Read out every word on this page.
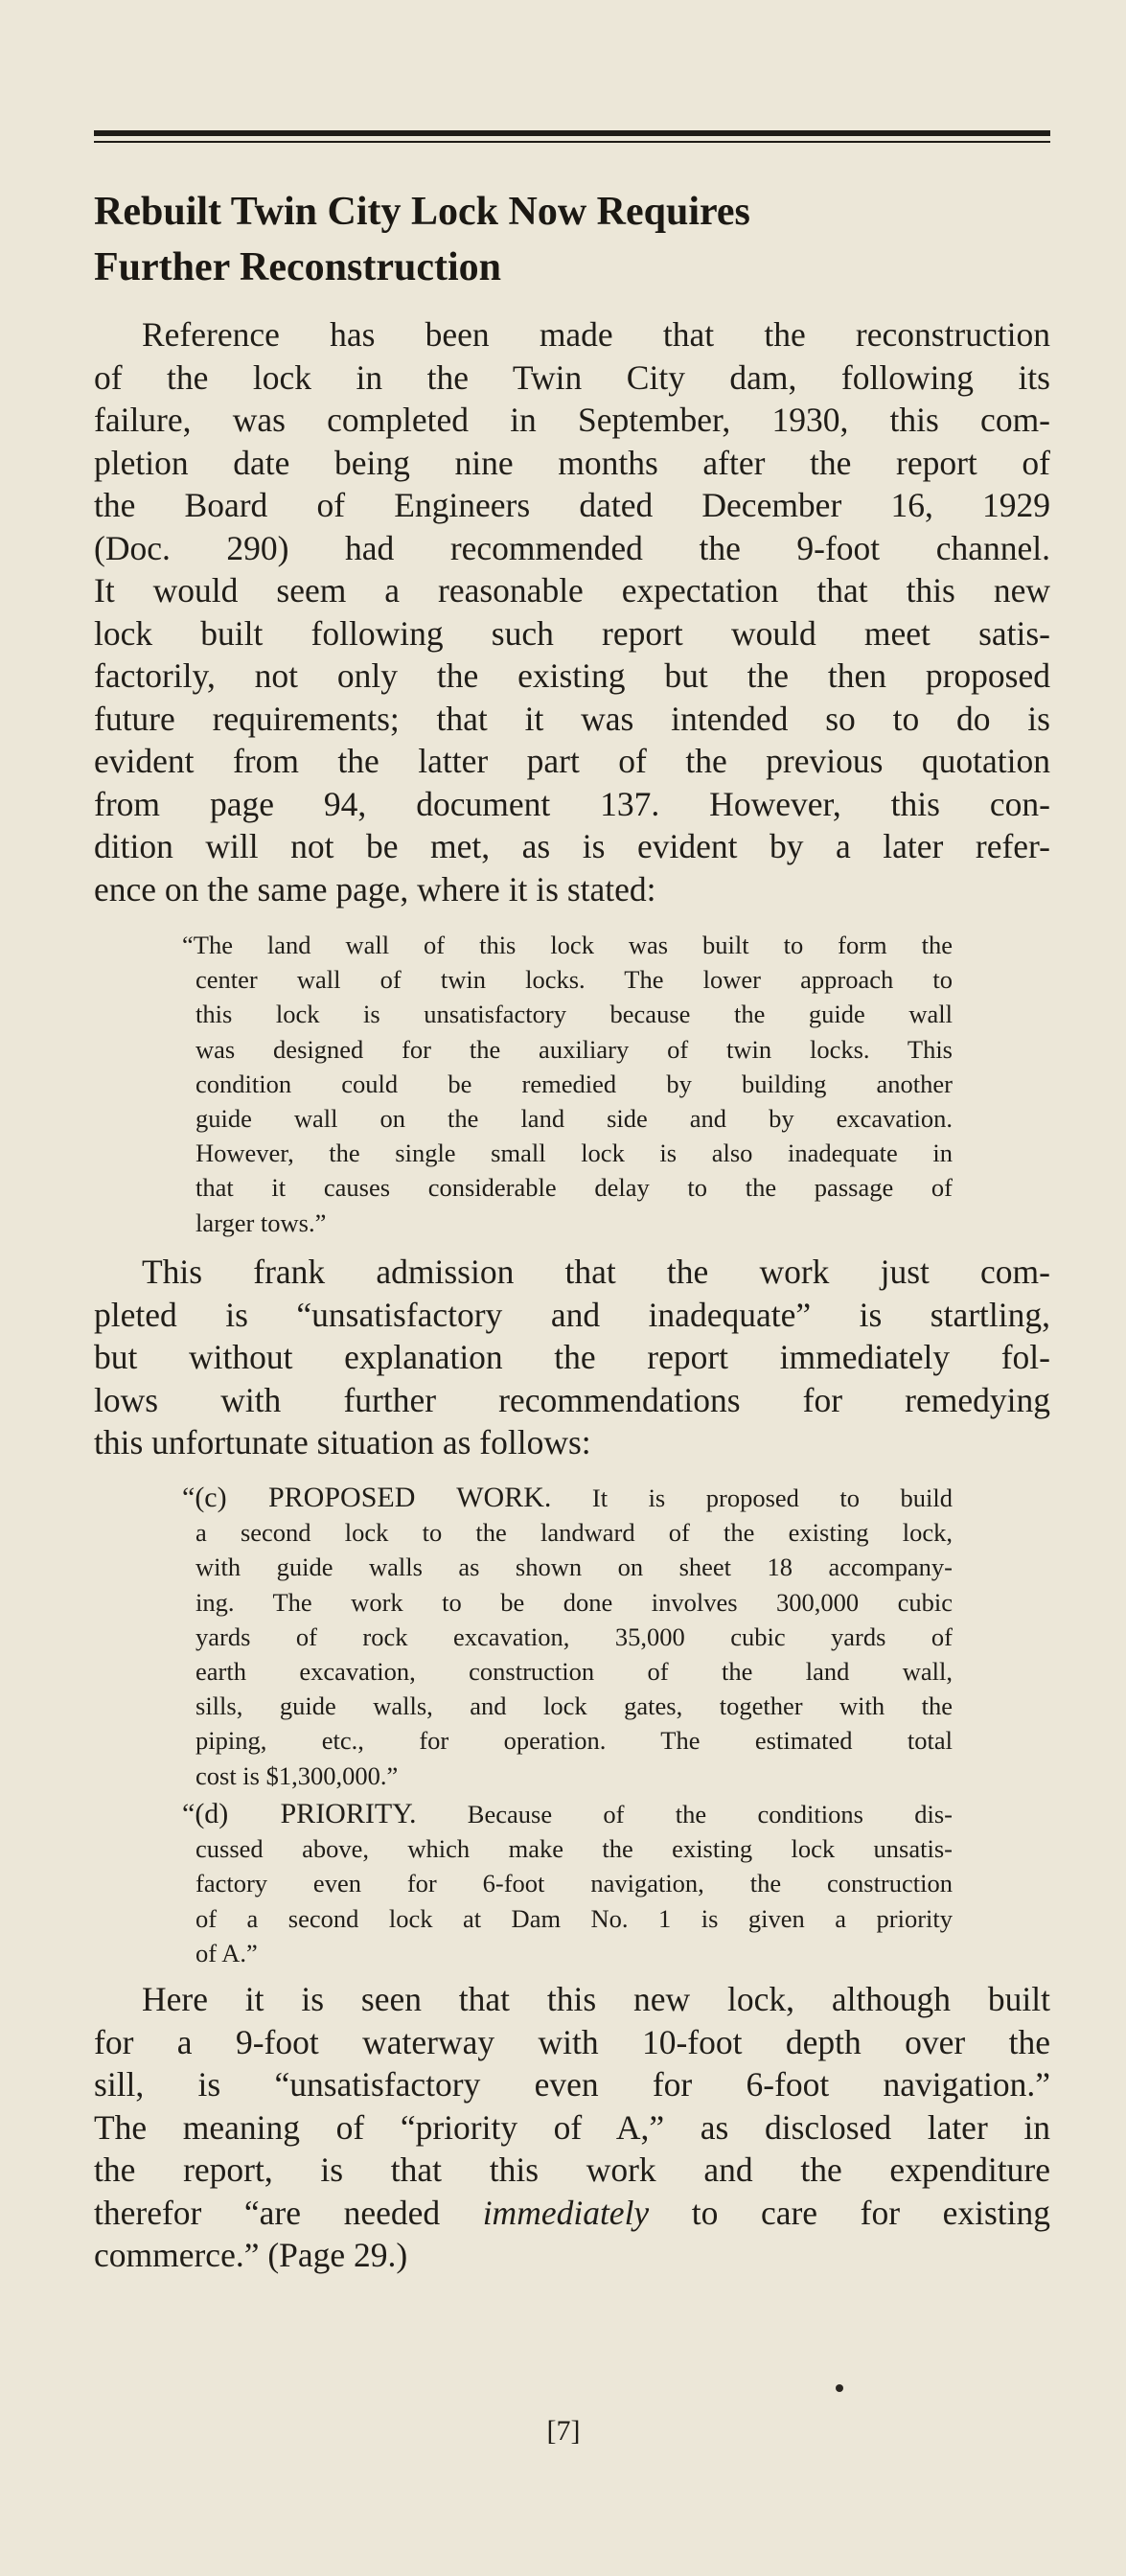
Rebuilt Twin City Lock Now Requires
Further Reconstruction
Reference has been made that the reconstruction
of the lock in the Twin City dam, following its
failure, was completed in September, 1930, this com-
pletion date being nine months after the report of
the Board of Engineers dated December 16, 1929
(Doc. 290) had recommended the 9-foot channel.
It would seem a reasonable expectation that this new
lock built following such report would meet satis-
factorily, not only the existing but the then proposed
future requirements; that it was intended so to do is
evident from the latter part of the previous quotation
from page 94, document 137. However, this con-
dition will not be met, as is evident by a later refer-
ence on the same page, where it is stated:
“The land wall of this lock was built to form the
center wall of twin locks. The lower approach to
this lock is unsatisfactory because the guide wall
was designed for the auxiliary of twin locks. This
condition could be remedied by building another
guide wall on the land side and by excavation.
However, the single small lock is also inadequate in
that it causes considerable delay to the passage of
larger tows.”
This frank admission that the work just com-
pleted is “unsatisfactory and inadequate” is startling,
but without explanation the report immediately fol-
lows with further recommendations for remedying
this unfortunate situation as follows:
“(c) PROPOSED WORK. It is proposed to build
a second lock to the landward of the existing lock,
with guide walls as shown on sheet 18 accompany-
ing. The work to be done involves 300,000 cubic
yards of rock excavation, 35,000 cubic yards of
earth excavation, construction of the land wall,
sills, guide walls, and lock gates, together with the
piping, etc., for operation. The estimated total
cost is $1,300,000.”
“(d) PRIORITY. Because of the conditions dis-
cussed above, which make the existing lock unsatis-
factory even for 6-foot navigation, the construction
of a second lock at Dam No. 1 is given a priority
of A.”
Here it is seen that this new lock, although built
for a 9-foot waterway with 10-foot depth over the
sill, is “unsatisfactory even for 6-foot navigation.”
The meaning of “priority of A,” as disclosed later in
the report, is that this work and the expenditure
therefor “are needed immediately to care for existing
commerce.” (Page 29.)
[7]
